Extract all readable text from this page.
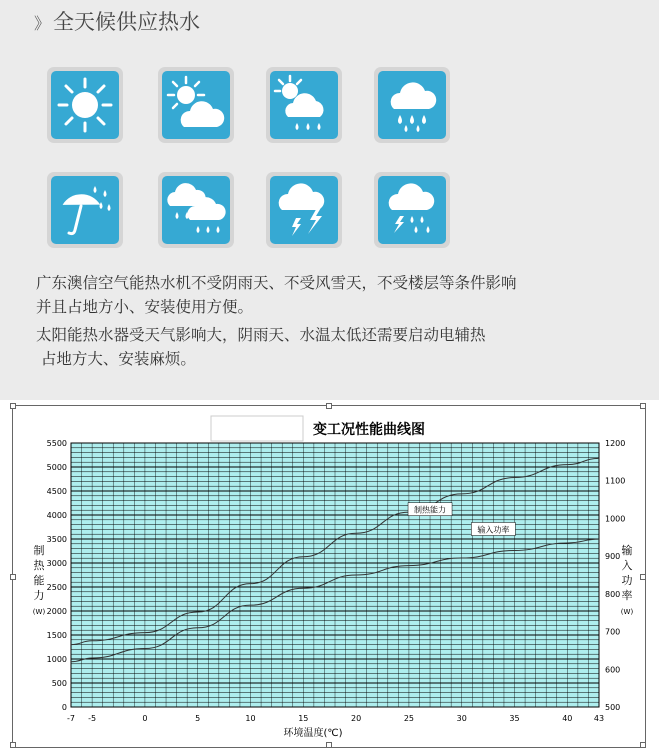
》 全天候供应热水
广东澳信空气能热水机不受阴雨天、不受风雪天，不受楼层等条件影响
并且占地方小、安装使用方便。
太阳能热水器受天气影响大，阴雨天、水温太低还需要启动电辅热
占地方大、安装麻烦。
制热能力
输入功率
-7 -5	0	5	10	15	20	25	30	35	40	43
0
500
1000
1500
2000
2500
3000
3500
4000
4500
5000
5500
500
600
700
800
900
1000
1100
1200
变工况性能曲线图
环境温度(℃)
制
热
能
力
(W)
输
入
功
率
(W)
